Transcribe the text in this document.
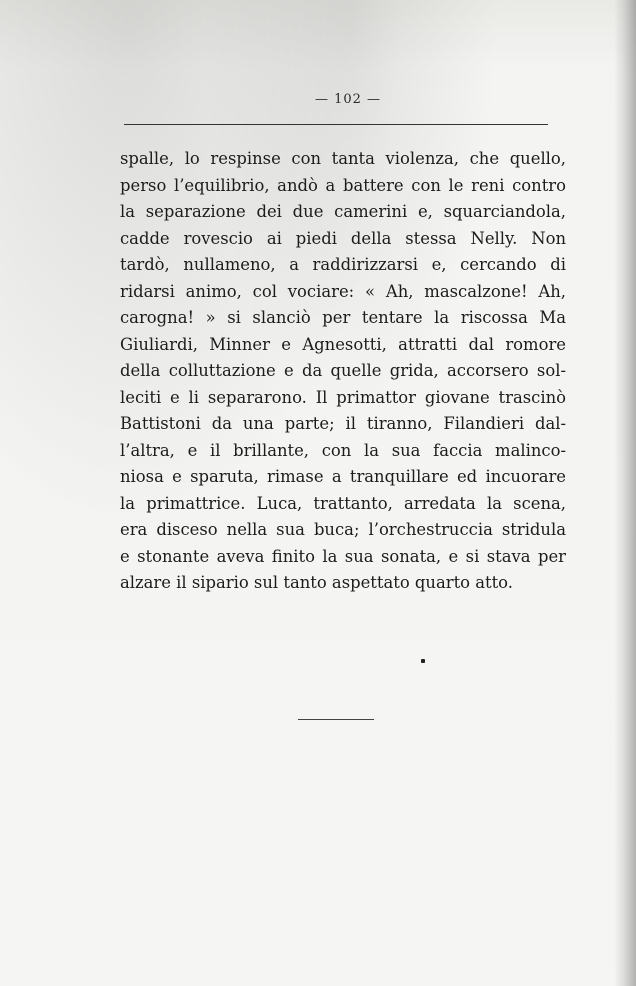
— 102 —
spalle, lo respinse con tanta violenza, che quello,
perso l’equilibrio, andò a battere con le reni contro
la separazione dei due camerini e, squarciandola,
cadde rovescio ai piedi della stessa Nelly. Non
tardò, nullameno, a raddirizzarsi e, cercando di
ridarsi animo, col vociare: « Ah, mascalzone! Ah,
carogna! » si slanciò per tentare la riscossa Ma
Giuliardi, Minner e Agnesotti, attratti dal romore
della colluttazione e da quelle grida, accorsero sol-
leciti e li separarono. Il primattor giovane trascinò
Battistoni da una parte; il tiranno, Filandieri dal-
l’altra, e il brillante, con la sua faccia malinco-
niosa e sparuta, rimase a tranquillare ed incuorare
la primattrice. Luca, trattanto, arredata la scena,
era disceso nella sua buca; l’orchestruccia stridula
e stonante aveva finito la sua sonata, e si stava per
alzare il sipario sul tanto aspettato quarto atto.
